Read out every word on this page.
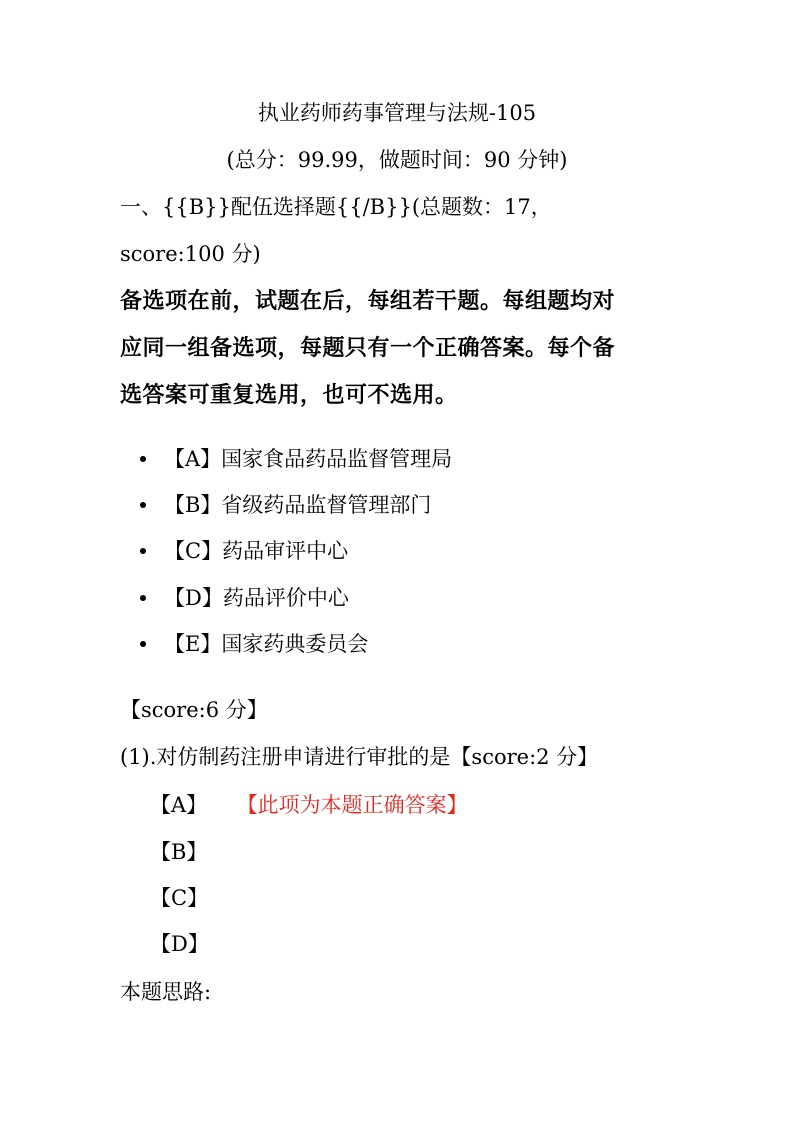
执业药师药事管理与法规-105
(总分：99.99，做题时间：90 分钟)
一、{{B}}配伍选择题{{/B}}(总题数：17，
score:100 分)
备选项在前，试题在后，每组若干题。每组题均对
应同一组备选项，每题只有一个正确答案。每个备
选答案可重复选用，也可不选用。
【A】国家食品药品监督管理局
【B】省级药品监督管理部门
【C】药品审评中心
【D】药品评价中心
【E】国家药典委员会
【score:6 分】
(1).对仿制药注册申请进行审批的是【score:2 分】
【A】 【此项为本题正确答案】
【B】
【C】
【D】
本题思路:
